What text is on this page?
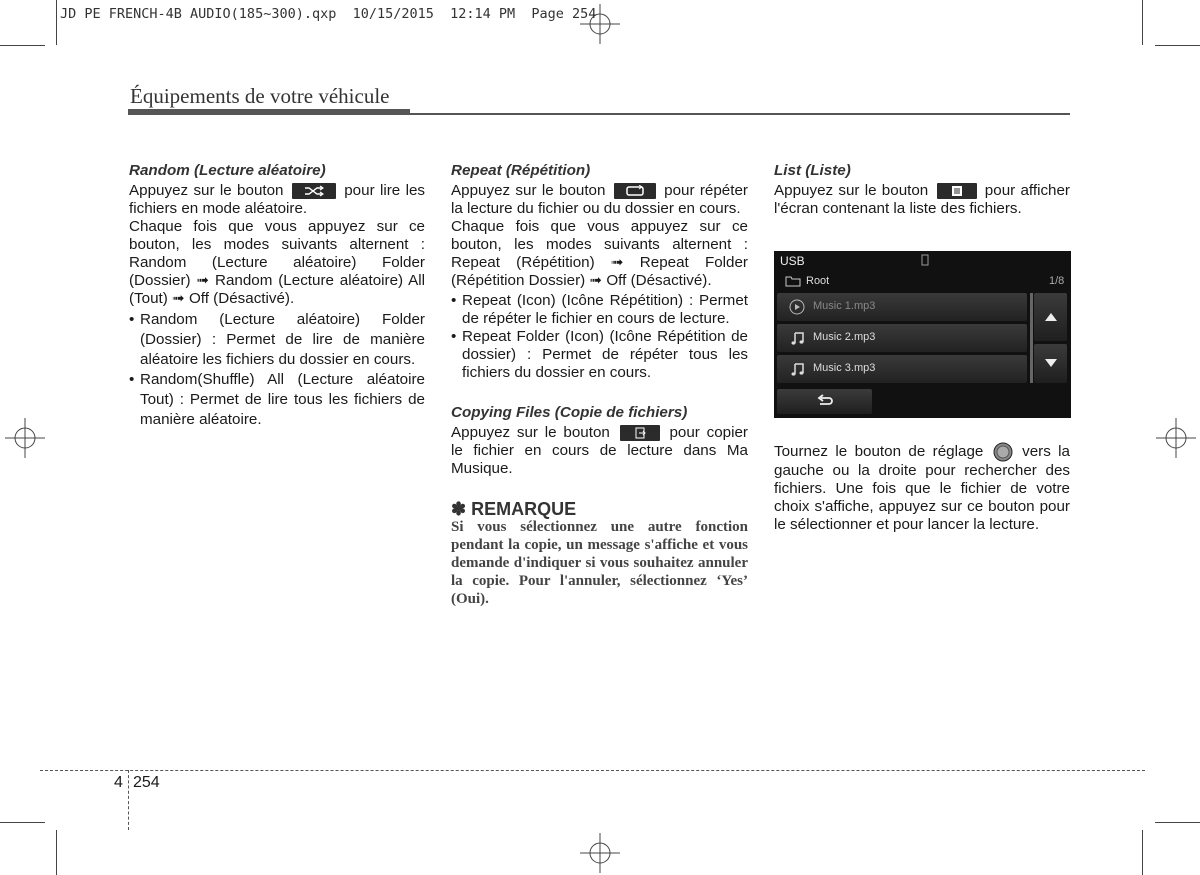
JD PE FRENCH-4B AUDIO(185~300).qxp  10/15/2015  12:14 PM  Page 254
Équipements de votre véhicule

Random (Lecture aléatoire)

Appuyez sur le bouton	pour lire les fichiers en mode aléatoire.

Chaque fois que vous appuyez sur ce bouton, les modes suivants alternent : Random (Lecture aléatoire) Folder (Dossier) ➟ Random (Lecture aléatoire) All (Tout) ➟ Off (Désactivé).

• Random (Lecture aléatoire) Folder (Dossier) : Permet de lire de manière aléatoire les fichiers du dossier en cours.
• Random(Shuffle) All (Lecture aléatoire Tout) : Permet de lire tous les fichiers de manière aléatoire.

Repeat (Répétition)

Appuyez sur le bouton	pour répéter la lecture du fichier ou du dossier en cours.

Chaque fois que vous appuyez sur ce bouton, les modes suivants alternent : Repeat (Répétition) ➟ Repeat Folder (Répétition Dossier) ➟ Off (Désactivé).

• Repeat (Icon) (Icône Répétition) : Permet de répéter le fichier en cours de lecture.
• Repeat Folder (Icon) (Icône Répétition de dossier) : Permet de répéter tous les fichiers du dossier en cours.

Copying Files (Copie de fichiers)

Appuyez sur le bouton	pour copier le fichier en cours de lecture dans Ma Musique.

✽ REMARQUE

Si vous sélectionnez une autre fonction pendant la copie, un message s'affiche et vous demande d'indiquer si vous souhaitez annuler la copie. Pour l'annuler, sélectionnez ‘Yes’ (Oui).

List (Liste)

Appuyez sur le bouton	pour afficher l'écran contenant la liste des fichiers.

USB
Root	1/8
Music 1.mp3
Music 2.mp3
Music 3.mp3

Tournez le bouton de réglage	vers la gauche ou la droite pour rechercher des fichiers. Une fois que le fichier de votre choix s'affiche, appuyez sur ce bouton pour le sélectionner et pour lancer la lecture.

4 254
